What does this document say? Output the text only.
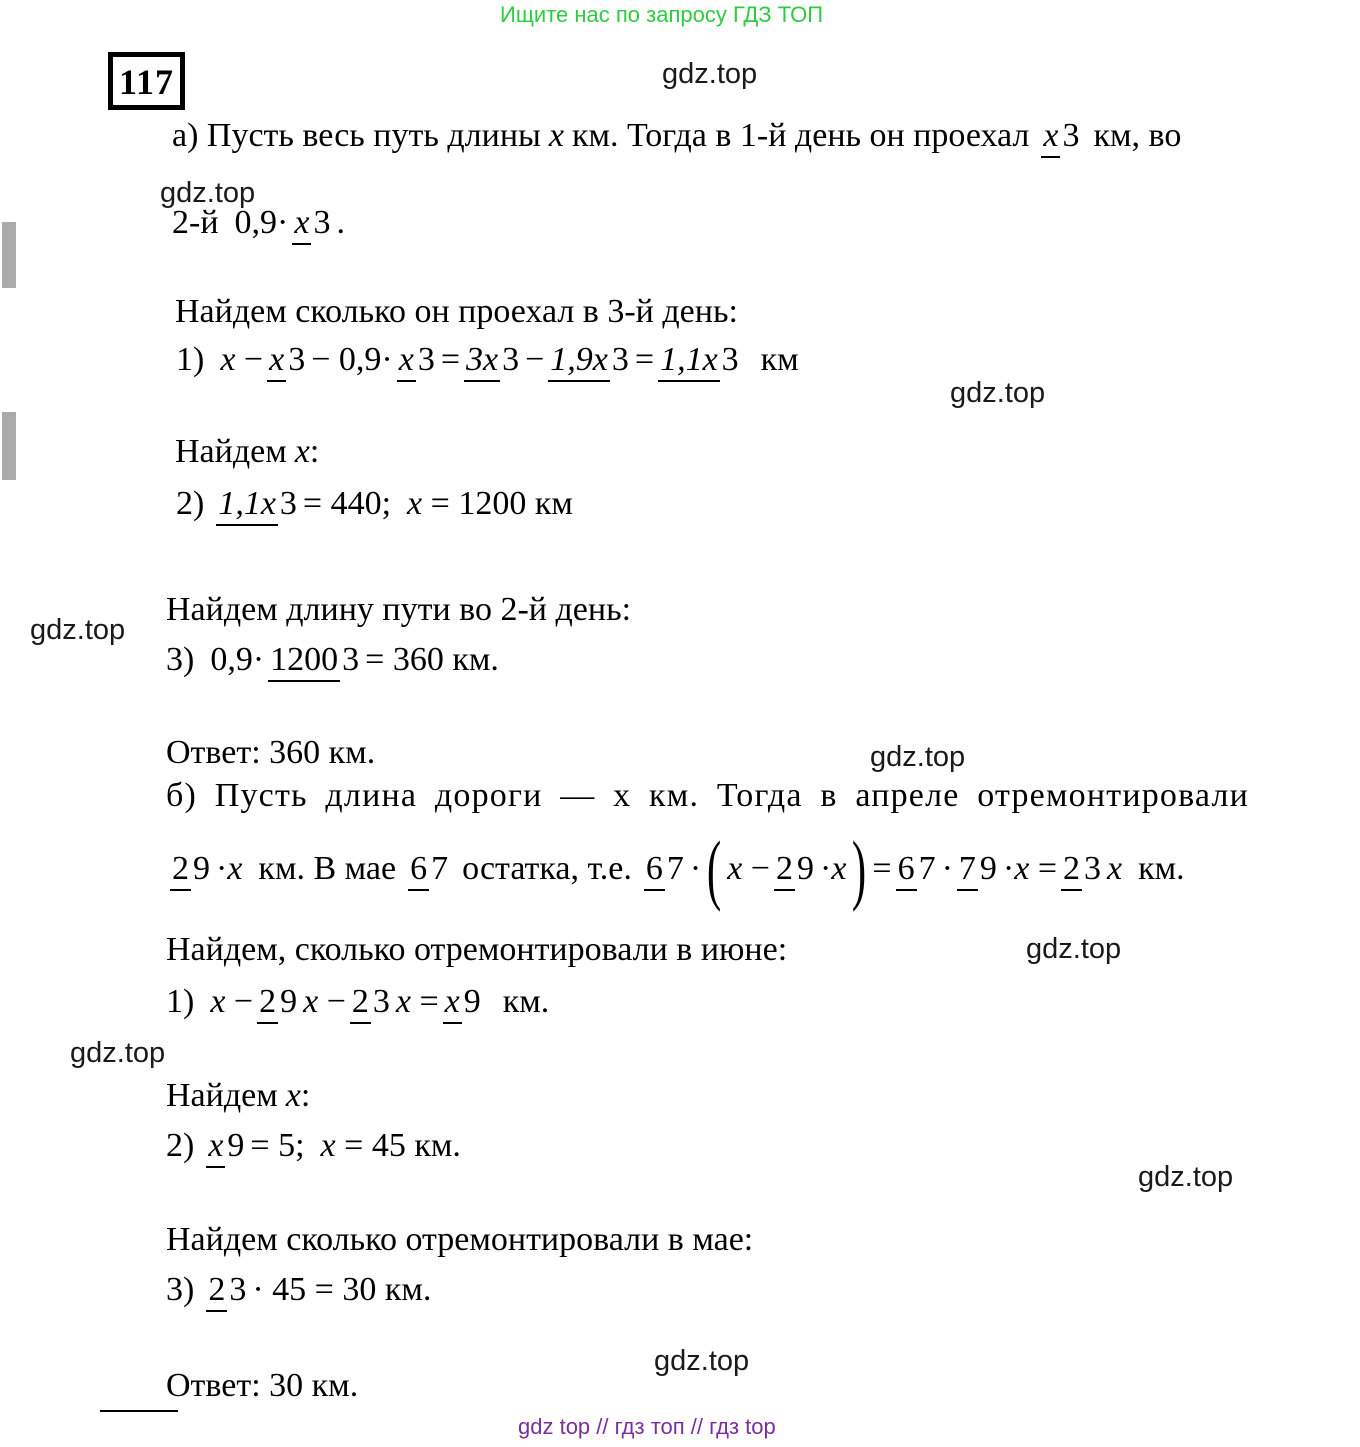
Ищите нас по запросу ГДЗ ТОП
gdz top // гдз топ // гдз top
117	gdz.top
gdz.top
gdz.top
gdz.top
gdz.top
gdz.top
gdz.top
gdz.top
gdz.top
а) Пусть весь путь длины x км. Тогда в 1-й день он проехал x 3 км, во
2-й 0,9 · x 3 .
Найдем сколько он проехал в 3-й день:
1) x − x 3 − 0,9 · x 3 = 3x 3 − 1,9x 3 = 1,1x 3 км
Найдем x :
2) 1,1x 3 = 440; x
= 1200 км
Найдем длину пути во 2-й день:
3) 0,9 · 1200 3 = 360 км.
Ответ: 360 км.
б) Пусть длина дороги — x км. Тогда в апреле отремонтировали
2 9 · x км. В мае 6 7 остатка, т.е. 6 7 · ( x − 2 9 · x ) = 6 7 · 7 9 · x = 2 3 x км.
Найдем, сколько отремонтировали в июне:
1) x − 2 9 x − 2 3 x = x 9 км.
Найдем x :
2) x 9 = 5; x
= 45 км.
Найдем сколько отремонтировали в мае:
3) 2 3 · 45 = 30 км.
Ответ: 30 км.
